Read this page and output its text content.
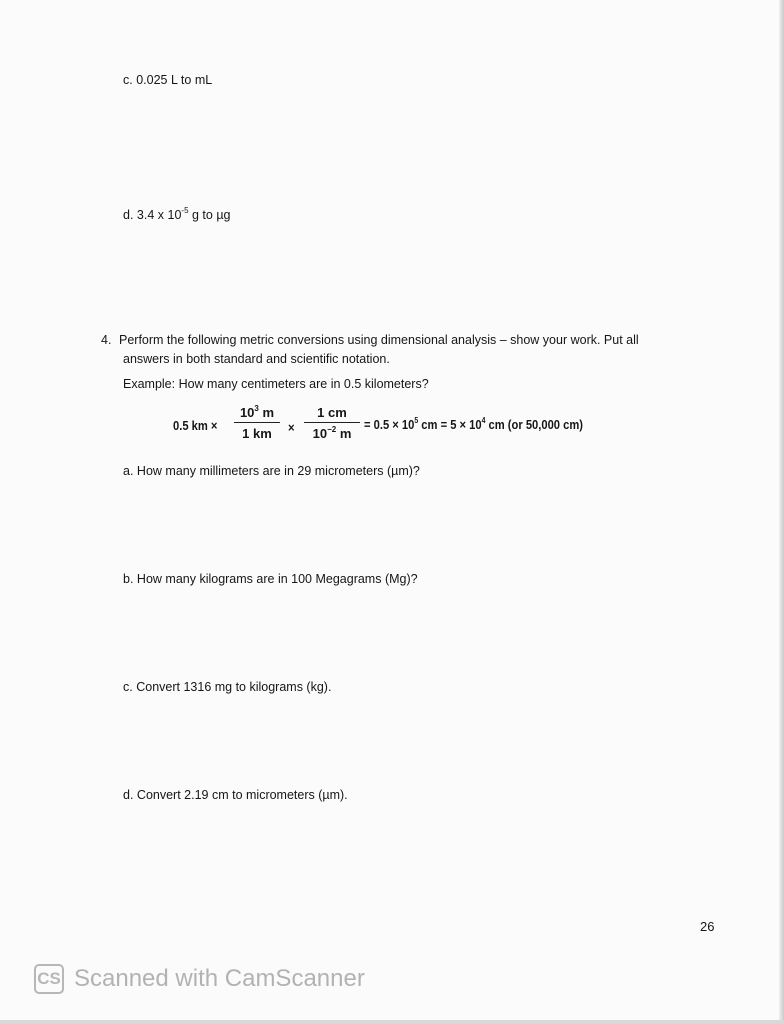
c. 0.025 L to mL
d. 3.4 x $10^{-5}$ g to µg
4. Perform the following metric conversions using dimensional analysis – show your work. Put all
answers in both standard and scientific notation.
Example: How many centimeters are in 0.5 kilometers?
0.5 km ×
$10^3$ m
1 km	×
1 cm
$10^{-2}$ m
= $0.5 \times 10^5$ cm = $5 \times 10^4$ cm (or 50,000 cm)
a. How many millimeters are in 29 micrometers (µm)?
b. How many kilograms are in 100 Megagrams (Mg)?
c. Convert 1316 mg to kilograms (kg).
d. Convert 2.19 cm to micrometers (µm).
26
CS Scanned with CamScanner
